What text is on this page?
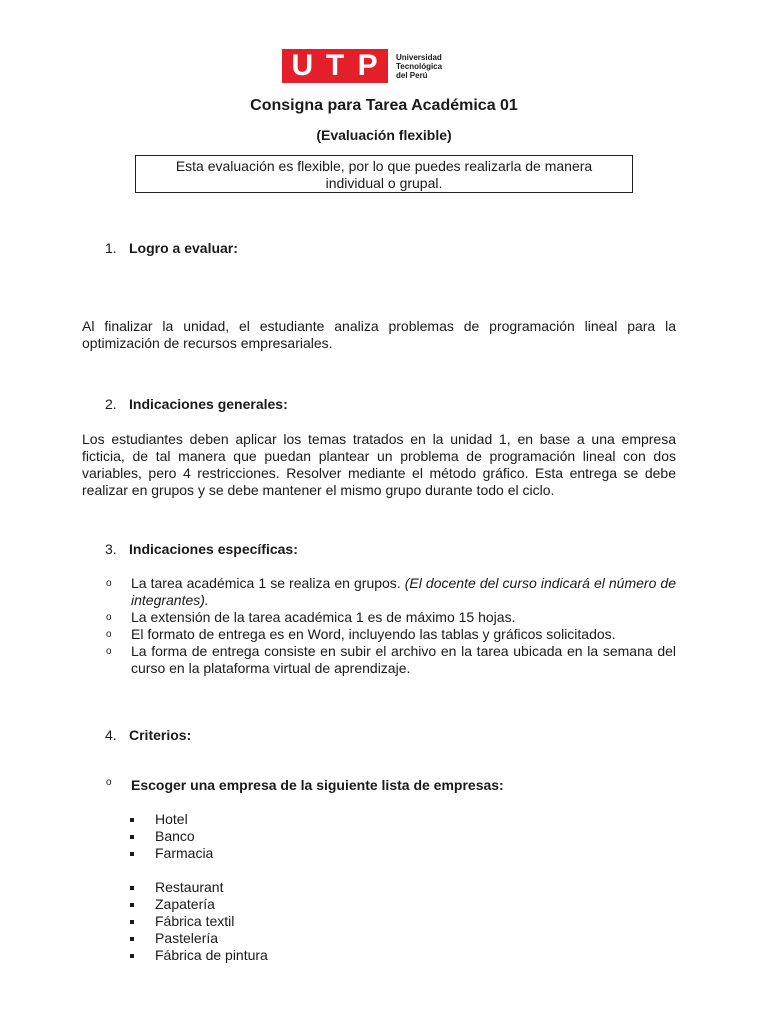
U T P	Universidad
Tecnológica
del Perú
Consigna para Tarea Académica 01
(Evaluación flexible)
Esta evaluación es flexible, por lo que puedes realizarla de manera
individual o grupal.
1. Logro a evaluar:
Al finalizar la unidad, el estudiante analiza problemas de programación lineal para la optimización de recursos empresariales.
2. Indicaciones generales:
Los estudiantes deben aplicar los temas tratados en la unidad 1, en base a una empresa ficticia, de tal manera que puedan plantear un problema de programación lineal con dos variables, pero 4 restricciones. Resolver mediante el método gráfico. Esta entrega se debe realizar en grupos y se debe mantener el mismo grupo durante todo el ciclo.
3. Indicaciones específicas:
o La tarea académica 1 se realiza en grupos. (El docente del curso indicará el número de integrantes).
o La extensión de la tarea académica 1 es de máximo 15 hojas.
o El formato de entrega es en Word, incluyendo las tablas y gráficos solicitados.
o La forma de entrega consiste en subir el archivo en la tarea ubicada en la semana del curso en la plataforma virtual de aprendizaje.
4. Criterios:
o	Escoger una empresa de la siguiente lista de empresas:
Hotel
Banco
Farmacia
Restaurant
Zapatería
Fábrica textil
Pastelería
Fábrica de pintura
